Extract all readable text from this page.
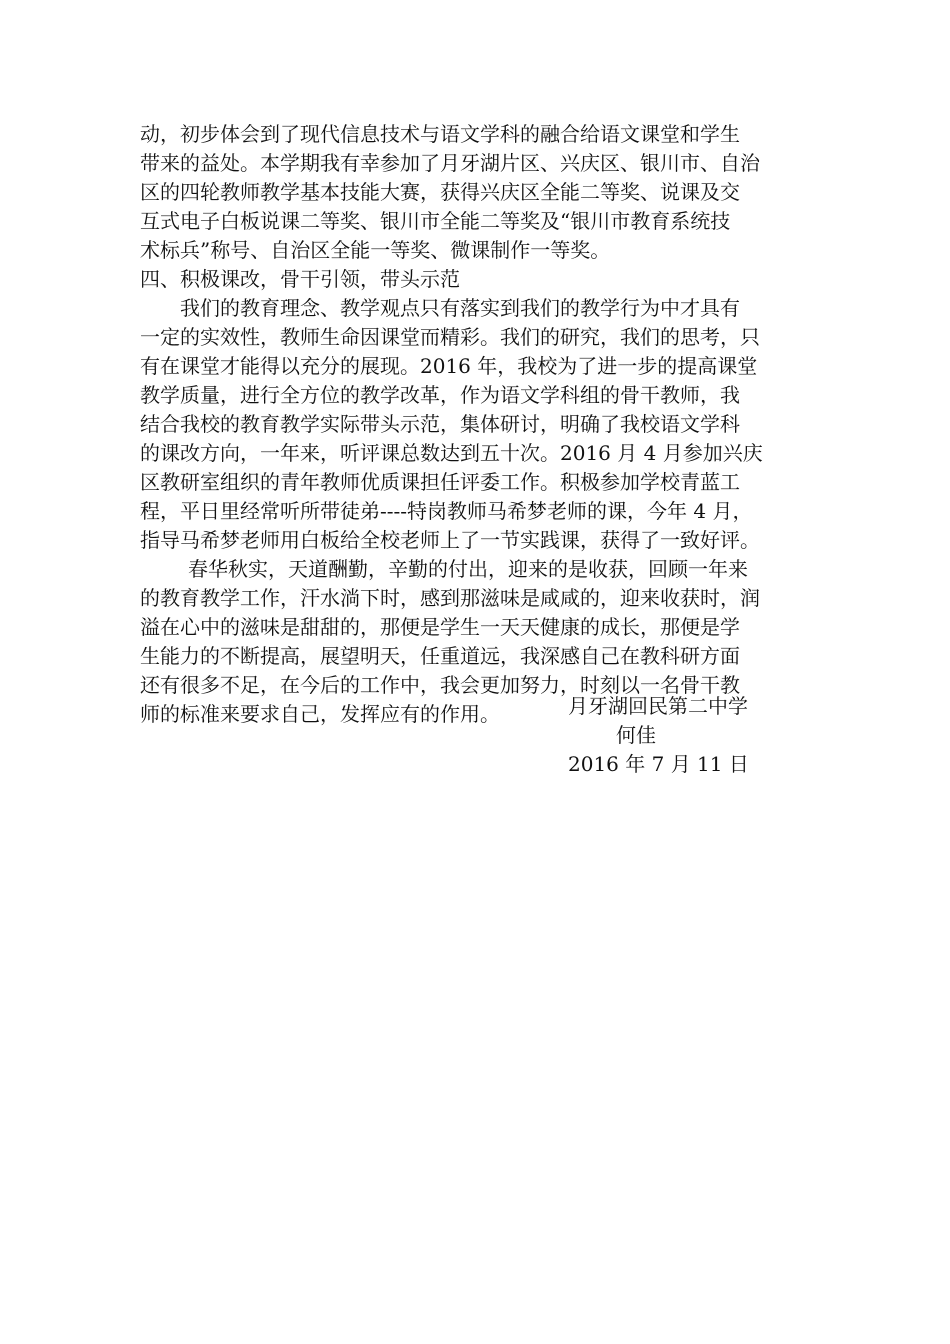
动，初步体会到了现代信息技术与语文学科的融合给语文课堂和学生
带来的益处。本学期我有幸参加了月牙湖片区、兴庆区、银川市、自治
区的四轮教师教学基本技能大赛，获得兴庆区全能二等奖、说课及交
互式电子白板说课二等奖、银川市全能二等奖及“银川市教育系统技
术标兵”称号、自治区全能一等奖、微课制作一等奖。

四、积极课改，骨干引领，带头示范

我们的教育理念、教学观点只有落实到我们的教学行为中才具有
一定的实效性，教师生命因课堂而精彩。我们的研究，我们的思考，只
有在课堂才能得以充分的展现。2016 年，我校为了进一步的提高课堂
教学质量，进行全方位的教学改革，作为语文学科组的骨干教师，我
结合我校的教育教学实际带头示范，集体研讨，明确了我校语文学科
的课改方向，一年来，听评课总数达到五十次。2016 月 4 月参加兴庆
区教研室组织的青年教师优质课担任评委工作。积极参加学校青蓝工
程，平日里经常听所带徒弟----特岗教师马希梦老师的课，今年 4 月，
指导马希梦老师用白板给全校老师上了一节实践课，获得了一致好评。

春华秋实，天道酬勤，辛勤的付出，迎来的是收获，回顾一年来
的教育教学工作，汗水淌下时，感到那滋味是咸咸的，迎来收获时，润
溢在心中的滋味是甜甜的，那便是学生一天天健康的成长，那便是学
生能力的不断提高，展望明天，任重道远，我深感自己在教科研方面
还有很多不足，在今后的工作中，我会更加努力，时刻以一名骨干教
师的标准来要求自己，发挥应有的作用。	月牙湖回民第二中学
何佳
2016 年 7 月 11 日
